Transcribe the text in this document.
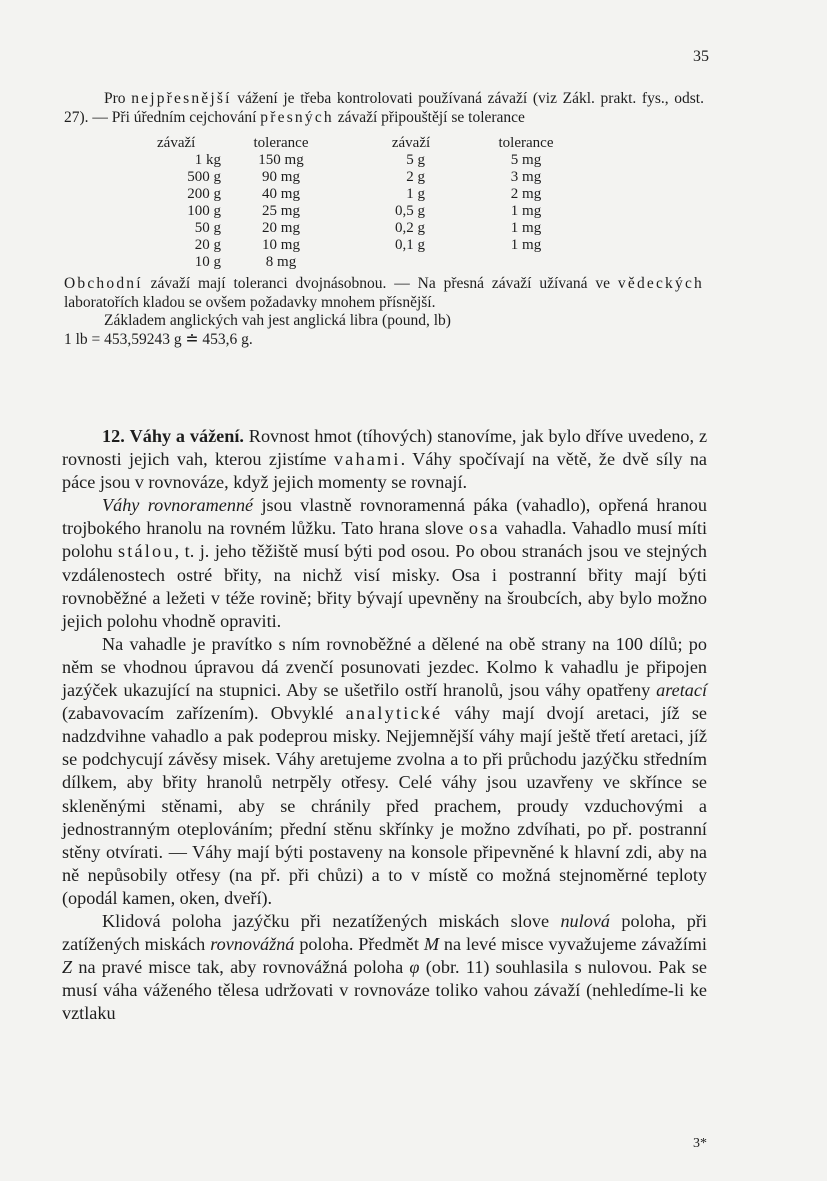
35

Pro nejpřesnější vážení je třeba kontrolovati používaná závaží (viz Zákl. prakt. fys., odst. 27). — Při úředním cejchování přesných závaží připouštějí se tolerance

závaží	tolerance	závaží	tolerance
1 kg	150 mg	5 g	5 mg
500 g	90 mg	2 g	3 mg
200 g	40 mg	1 g	2 mg
100 g	25 mg	0,5 g	1 mg
50 g	20 mg	0,2 g	1 mg
20 g	10 mg	0,1 g	1 mg
10 g	8 mg		

Obchodní závaží mají toleranci dvojnásobnou. — Na přesná závaží užívaná ve vědeckých laboratořích kladou se ovšem požadavky mnohem přísnější.

Základem anglických vah jest anglická libra (pound, lb)

1 lb = 453,59243 g ≐ 453,6 g.

12. Váhy a vážení. Rovnost hmot (tíhových) stanovíme, jak bylo dříve uvedeno, z rovnosti jejich vah, kterou zjistíme vahami. Váhy spočívají na větě, že dvě síly na páce jsou v rovnováze, když jejich momenty se rovnají.

Váhy rovnoramenné jsou vlastně rovnoramenná páka (vahadlo), opřená hranou trojbokého hranolu na rovném lůžku. Tato hrana slove osa vahadla. Vahadlo musí míti polohu stálou, t. j. jeho těžiště musí býti pod osou. Po obou stranách jsou ve stejných vzdálenostech ostré břity, na nichž visí misky. Osa i postranní břity mají býti rovnoběžné a ležeti v téže rovině; břity bývají upevněny na šroubcích, aby bylo možno jejich polohu vhodně opraviti.

Na vahadle je pravítko s ním rovnoběžné a dělené na obě strany na 100 dílů; po něm se vhodnou úpravou dá zvenčí posunovati jezdec. Kolmo k vahadlu je připojen jazýček ukazující na stupnici. Aby se ušetřilo ostří hranolů, jsou váhy opatřeny aretací (zabavovacím zařízením). Obvyklé analytické váhy mají dvojí aretaci, jíž se nadzdvihne vahadlo a pak podeprou misky. Nejjemnější váhy mají ještě třetí aretaci, jíž se podchycují závěsy misek. Váhy aretujeme zvolna a to při průchodu jazýčku středním dílkem, aby břity hranolů netrpěly otřesy. Celé váhy jsou uzavřeny ve skřínce se skleněnými stěnami, aby se chránily před prachem, proudy vzduchovými a jednostranným oteplováním; přední stěnu skřínky je možno zdvíhati, po př. postranní stěny otvírati. — Váhy mají býti postaveny na konsole připevněné k hlavní zdi, aby na ně nepůsobily otřesy (na př. při chůzi) a to v místě co možná stejnoměrné teploty (opodál kamen, oken, dveří).

Klidová poloha jazýčku při nezatížených miskách slove nulová poloha, při zatížených miskách rovnovážná poloha. Předmět M na levé misce vyvažujeme závažími Z na pravé misce tak, aby rovnovážná poloha φ (obr. 11) souhlasila s nulovou. Pak se musí váha váženého tělesa udržovati v rovnováze toliko vahou závaží (nehledíme-li ke vztlaku

3*
